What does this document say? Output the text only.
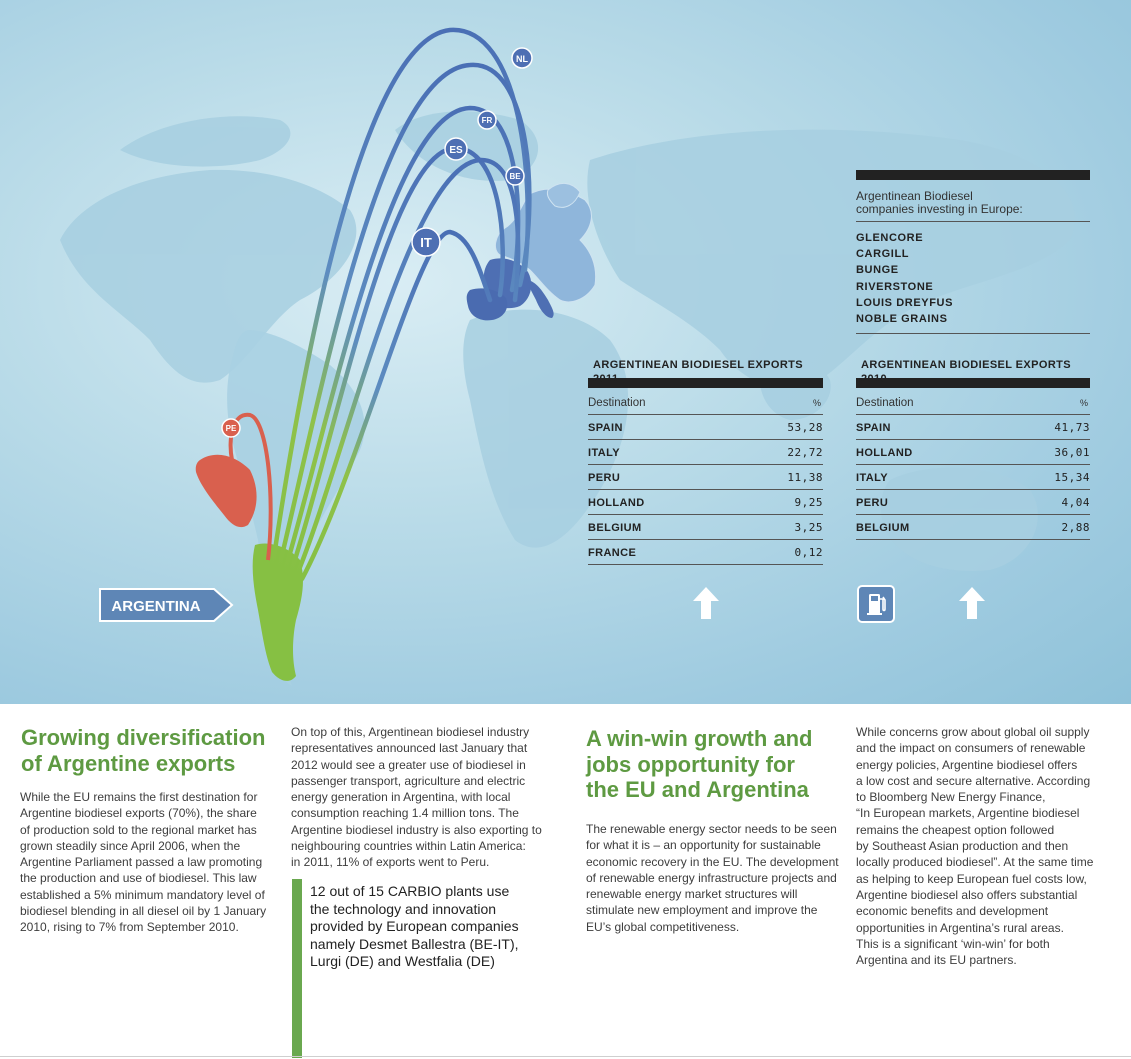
NL
FR
ES
BE
IT
PE
ARGENTINA
Argentinean Biodiesel
companies investing in Europe:
GLENCORE
CARGILL
BUNGE
RIVERSTONE
LOUIS DREYFUS
NOBLE GRAINS
ARGENTINEAN BIODIESEL EXPORTS 2011
Destination	%
SPAIN	53,28
ITALY	22,72
PERU	11,38
HOLLAND	9,25
BELGIUM	3,25
FRANCE	0,12
ARGENTINEAN BIODIESEL EXPORTS 2010
Destination	%
SPAIN	41,73
HOLLAND	36,01
ITALY	15,34
PERU	4,04
BELGIUM	2,88
Growing diversification
of Argentine exports
While the EU remains the first destination for
Argentine biodiesel exports (70%), the share
of production sold to the regional market has
grown steadily since April 2006, when the
Argentine Parliament passed a law promoting
the production and use of biodiesel. This law
established a 5% minimum mandatory level of
biodiesel blending in all diesel oil by 1 January
2010, rising to 7% from September 2010.
On top of this, Argentinean biodiesel industry
representatives announced last January that
2012 would see a greater use of biodiesel in
passenger transport, agriculture and electric
energy generation in Argentina, with local
consumption reaching 1.4 million tons. The
Argentine biodiesel industry is also exporting to
neighbouring countries within Latin America:
in 2011, 11% of exports went to Peru.
12 out of 15 CARBIO plants use
the technology and innovation
provided by European companies
namely Desmet Ballestra (BE-IT),
Lurgi (DE) and Westfalia (DE)
A win-win growth and
jobs opportunity for
the EU and Argentina
The renewable energy sector needs to be seen
for what it is – an opportunity for sustainable
economic recovery in the EU. The development
of renewable energy infrastructure projects and
renewable energy market structures will
stimulate new employment and improve the
EU’s global competitiveness.
While concerns grow about global oil supply
and the impact on consumers of renewable
energy policies, Argentine biodiesel offers
a low cost and secure alternative. According
to Bloomberg New Energy Finance,
“In European markets, Argentine biodiesel
remains the cheapest option followed
by Southeast Asian production and then
locally produced biodiesel”. At the same time
as helping to keep European fuel costs low,
Argentine biodiesel also offers substantial
economic benefits and development
opportunities in Argentina’s rural areas.
This is a significant ‘win-win’ for both
Argentina and its EU partners.
